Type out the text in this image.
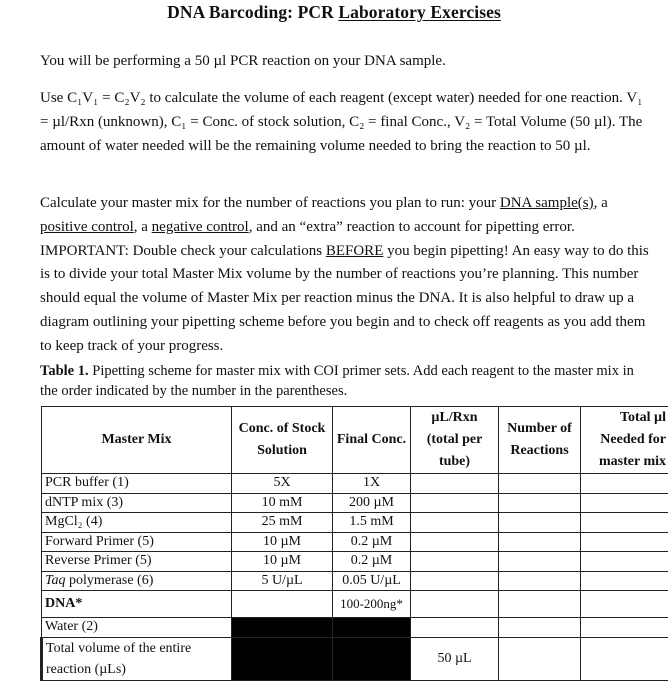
DNA Barcoding: PCR Laboratory Exercises
You will be performing a 50 µl PCR reaction on your DNA sample.
Use C₁V₁ = C₂V₂ to calculate the volume of each reagent (except water) needed for one reaction. V₁ = µl/Rxn (unknown), C₁ = Conc. of stock solution, C₂ = final Conc., V₂ = Total Volume (50 µl). The amount of water needed will be the remaining volume needed to bring the reaction to 50 µl.
Calculate your master mix for the number of reactions you plan to run: your DNA sample(s), a positive control, a negative control, and an “extra” reaction to account for pipetting error. IMPORTANT: Double check your calculations BEFORE you begin pipetting! An easy way to do this is to divide your total Master Mix volume by the number of reactions you’re planning. This number should equal the volume of Master Mix per reaction minus the DNA. It is also helpful to draw up a diagram outlining your pipetting scheme before you begin and to check off reagents as you add them to keep track of your progress.
Table 1. Pipetting scheme for master mix with COI primer sets. Add each reagent to the master mix in the order indicated by the number in the parentheses.
Master Mix	Conc. of Stock Solution	Final Conc.	µL/Rxn (total per tube)	Number of Reactions	Total µl Needed for master mix
PCR buffer (1)	5X	1X			
dNTP mix (3)	10 mM	200 µM			
MgCl₂ (4)	25 mM	1.5 mM			
Forward Primer (5)	10 µM	0.2 µM			
Reverse Primer (5)	10 µM	0.2 µM			
Taq polymerase (6)	5 U/µL	0.05 U/µL			
DNA*		100-200ng*			
Water (2)					
Total volume of the entire reaction (µLs)			50 µL		
